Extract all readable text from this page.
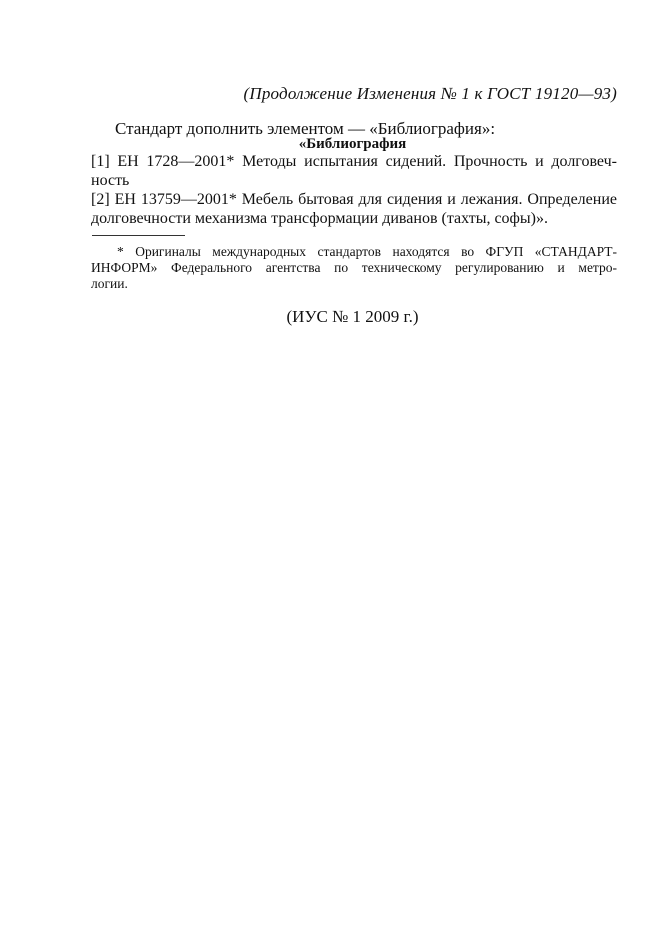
(Продолжение Изменения № 1 к ГОСТ 19120—93)
Стандарт дополнить элементом — «Библиография»:
«Библиография
[1] ЕН 1728—2001* Методы испытания сидений. Прочность и долговеч-
ность
[2] ЕН 13759—2001* Мебель бытовая для сидения и лежания. Определение
долговечности механизма трансформации диванов (тахты, софы)».
* Оригиналы международных стандартов находятся во ФГУП «СТАНДАРТ-
ИНФОРМ» Федерального агентства по техническому регулированию и метро-
логии.
(ИУС № 1 2009 г.)
